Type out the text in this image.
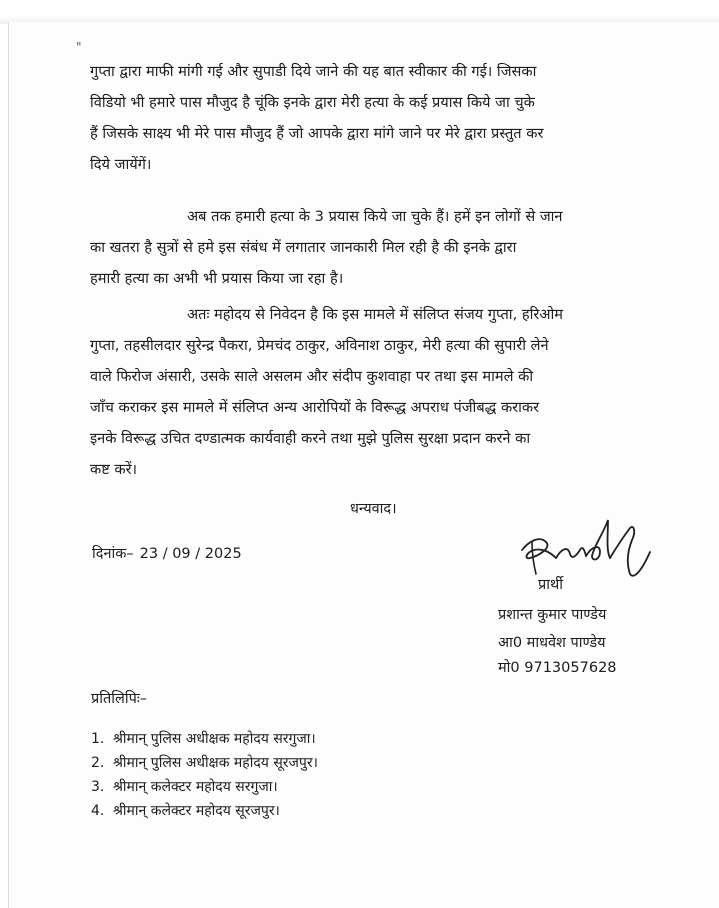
"
गुप्ता द्वारा माफी मांगी गई और सुपाडी दिये जाने की यह बात स्वीकार की गई। जिसका
विडियो भी हमारे पास मौजुद है चूंकि इनके द्वारा मेरी हत्या के कई प्रयास किये जा चुके
हैं जिसके साक्ष्य भी मेरे पास मौजुद हैं जो आपके द्वारा मांगे जाने पर मेरे द्वारा प्रस्तुत कर
दिये जायेंगें।
अब तक हमारी हत्या के 3 प्रयास किये जा चुके हैं। हमें इन लोगों से जान
का खतरा है सुत्रों से हमे इस संबंध में लगातार जानकारी मिल रही है की इनके द्वारा
हमारी हत्या का अभी भी प्रयास किया जा रहा है।
अतः महोदय से निवेदन है कि इस मामले में संलिप्त संजय गुप्ता, हरिओम
गुप्ता, तहसीलदार सुरेन्द्र पैकरा, प्रेमचंद ठाकुर, अविनाश ठाकुर, मेरी हत्या की सुपारी लेने
वाले फिरोज अंसारी, उसके साले असलम और संदीप कुशवाहा पर तथा इस मामले की
जाँच कराकर इस मामले में संलिप्त अन्य आरोपियों के विरूद्ध अपराध पंजीबद्ध कराकर
इनके विरूद्ध उचित दण्डात्मक कार्यवाही करने तथा मुझे पुलिस सुरक्षा प्रदान करने का
कष्ट करें।
धन्यवाद।
दिनांक– 23 / 09 / 2025
प्रार्थी
प्रशान्त कुमार पाण्डेय
आ0 माधवेश पाण्डेय
मो0 9713057628
प्रतिलिपिः–
1. श्रीमान् पुलिस अधीक्षक महोदय सरगुजा।
2. श्रीमान् पुलिस अधीक्षक महोदय सूरजपुर।
3. श्रीमान् कलेक्टर महोदय सरगुजा।
4. श्रीमान् कलेक्टर महोदय सूरजपुर।
